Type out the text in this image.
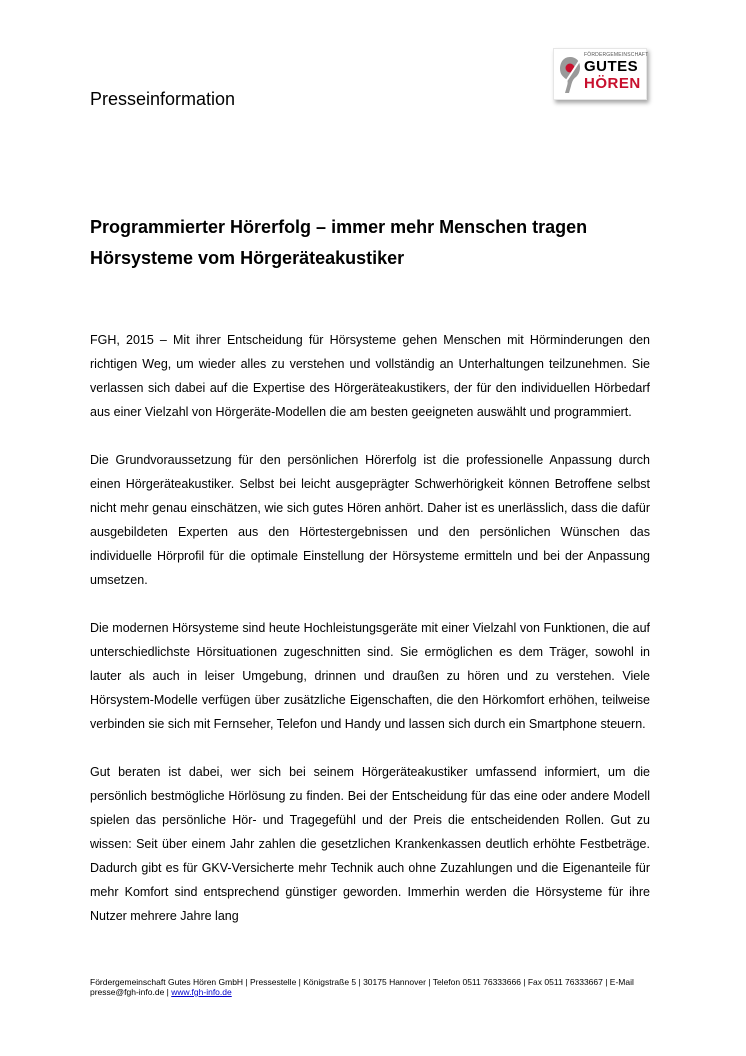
Presseinformation
FÖRDERGEMEINSCHAFT
GUTES
HÖREN
Programmierter Hörerfolg – immer mehr Menschen tragen Hörsysteme vom Hörgeräteakustiker

FGH, 2015 – Mit ihrer Entscheidung für Hörsysteme gehen Menschen mit Hörminderungen den richtigen Weg, um wieder alles zu verstehen und vollständig an Unterhaltungen teilzunehmen. Sie verlassen sich dabei auf die Expertise des Hörgeräteakustikers, der für den individuellen Hörbedarf aus einer Vielzahl von Hörgeräte-Modellen die am besten geeigneten auswählt und programmiert.

Die Grundvoraussetzung für den persönlichen Hörerfolg ist die professionelle Anpassung durch einen Hörgeräteakustiker. Selbst bei leicht ausgeprägter Schwerhörigkeit können Betroffene selbst nicht mehr genau einschätzen, wie sich gutes Hören anhört. Daher ist es unerlässlich, dass die dafür ausgebildeten Experten aus den Hörtestergebnissen und den persönlichen Wünschen das individuelle Hörprofil für die optimale Einstellung der Hörsysteme ermitteln und bei der Anpassung umsetzen.

Die modernen Hörsysteme sind heute Hochleistungsgeräte mit einer Vielzahl von Funktionen, die auf unterschiedlichste Hörsituationen zugeschnitten sind. Sie ermöglichen es dem Träger, sowohl in lauter als auch in leiser Umgebung, drinnen und draußen zu hören und zu verstehen. Viele Hörsystem-Modelle verfügen über zusätzliche Eigenschaften, die den Hörkomfort erhöhen, teilweise verbinden sie sich mit Fernseher, Telefon und Handy und lassen sich durch ein Smartphone steuern.

Gut beraten ist dabei, wer sich bei seinem Hörgeräteakustiker umfassend informiert, um die persönlich bestmögliche Hörlösung zu finden. Bei der Entscheidung für das eine oder andere Modell spielen das persönliche Hör- und Tragegefühl und der Preis die entscheidenden Rollen. Gut zu wissen: Seit über einem Jahr zahlen die gesetzlichen Krankenkassen deutlich erhöhte Festbeträge. Dadurch gibt es für GKV-Versicherte mehr Technik auch ohne Zuzahlungen und die Eigenanteile für mehr Komfort sind entsprechend günstiger geworden. Immerhin werden die Hörsysteme für ihre Nutzer mehrere Jahre lang

Fördergemeinschaft Gutes Hören GmbH | Pressestelle | Königstraße 5 | 30175 Hannover | Telefon 0511 76333666 | Fax 0511 76333667 | E-Mail presse@fgh-info.de | www.fgh-info.de
